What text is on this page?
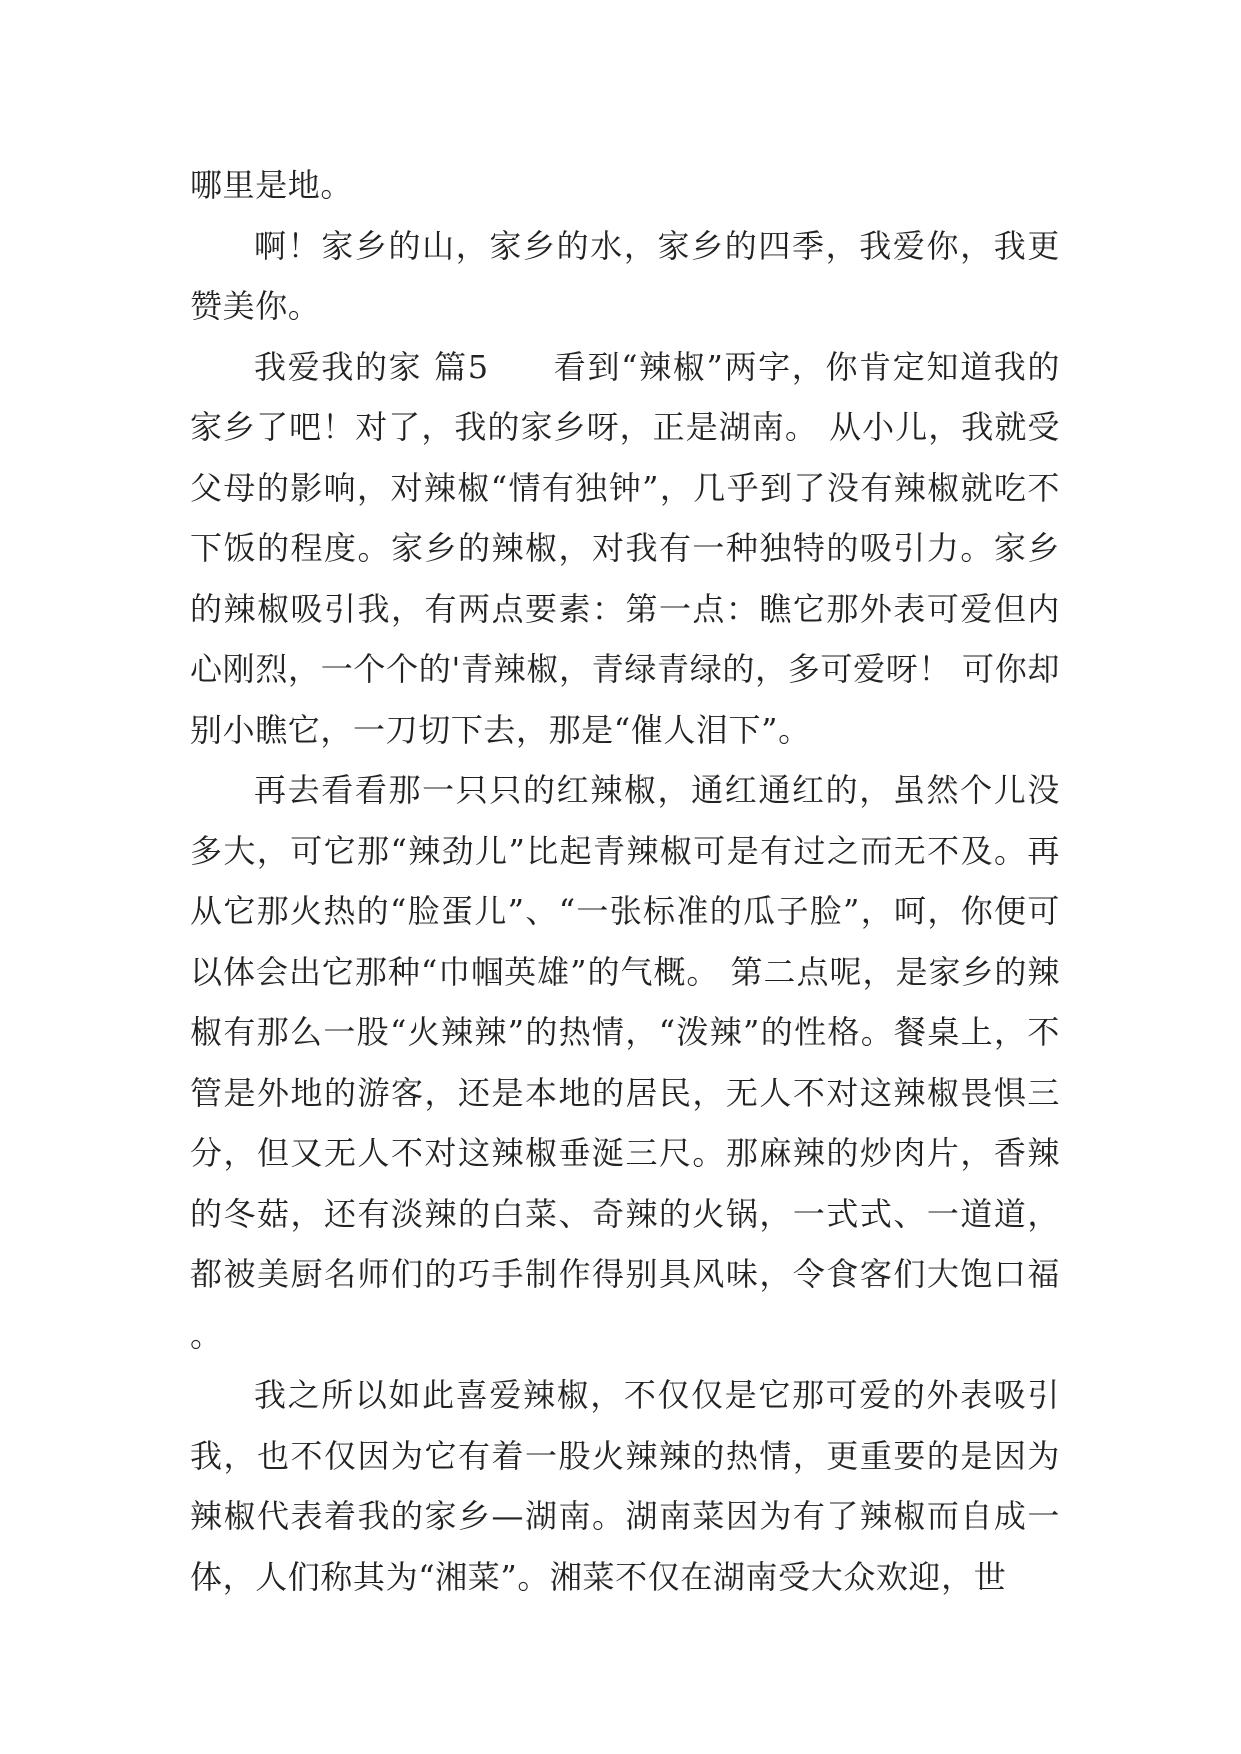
哪里是地。

啊！家乡的山，家乡的水，家乡的四季，我爱你，我更赞美你。

我爱我的家 篇5 看到“辣椒”两字，你肯定知道我的家乡了吧！对了，我的家乡呀，正是湖南。 从小儿，我就受父母的影响，对辣椒“情有独钟”，几乎到了没有辣椒就吃不下饭的程度。家乡的辣椒，对我有一种独特的吸引力。家乡的辣椒吸引我，有两点要素：第一点：瞧它那外表可爱但内心刚烈，一个个的'青辣椒，青绿青绿的，多可爱呀！ 可你却别小瞧它，一刀切下去，那是“催人泪下”。

再去看看那一只只的红辣椒，通红通红的，虽然个儿没多大，可它那“辣劲儿”比起青辣椒可是有过之而无不及。再从它那火热的“脸蛋儿”、“一张标准的瓜子脸”，呵，你便可以体会出它那种“巾帼英雄”的气概。 第二点呢，是家乡的辣椒有那么一股“火辣辣”的热情，“泼辣”的性格。餐桌上，不管是外地的游客，还是本地的居民，无人不对这辣椒畏惧三分，但又无人不对这辣椒垂涎三尺。那麻辣的炒肉片，香辣的冬菇，还有淡辣的白菜、奇辣的火锅，一式式、一道道，都被美厨名师们的巧手制作得别具风味，令食客们大饱口福。

我之所以如此喜爱辣椒，不仅仅是它那可爱的外表吸引我，也不仅因为它有着一股火辣辣的热情，更重要的是因为辣椒代表着我的家乡—湖南。湖南菜因为有了辣椒而自成一体，人们称其为“湘菜”。湘菜不仅在湖南受大众欢迎，世
